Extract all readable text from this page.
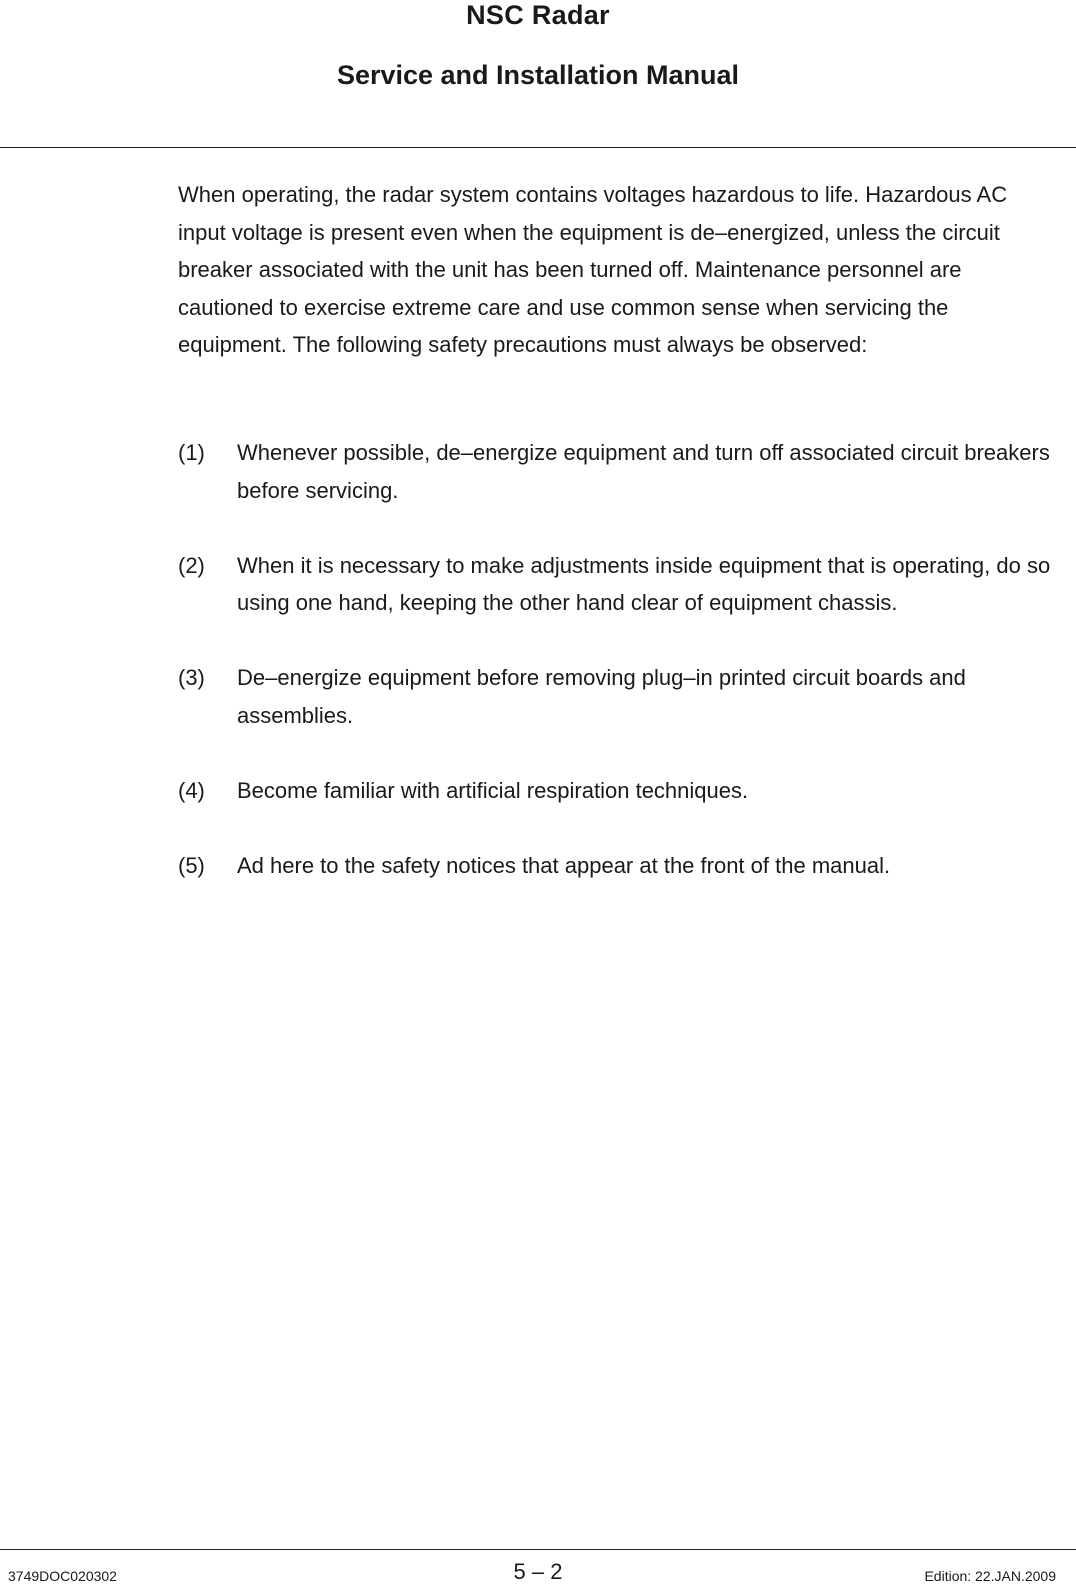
NSC Radar
Service and Installation Manual

When operating, the radar system contains voltages hazardous to life. Hazardous AC input voltage is present even when the equipment is de–energized, unless the circuit breaker associated with the unit has been turned off. Maintenance personnel are cautioned to exercise extreme care and use common sense when servicing the equipment. The following safety precautions must always be observed:

(1)	Whenever possible, de–energize equipment and turn off associated circuit breakers before servicing.
(2)	When it is necessary to make adjustments inside equipment that is operating, do so using one hand, keeping the other hand clear of equipment chassis.
(3)	De–energize equipment before removing plug–in printed circuit boards and assemblies.
(4)	Become familiar with artificial respiration techniques.
(5)	Ad here to the safety notices that appear at the front of the manual.
3749DOC020302	5 – 2	Edition: 22.JAN.2009
